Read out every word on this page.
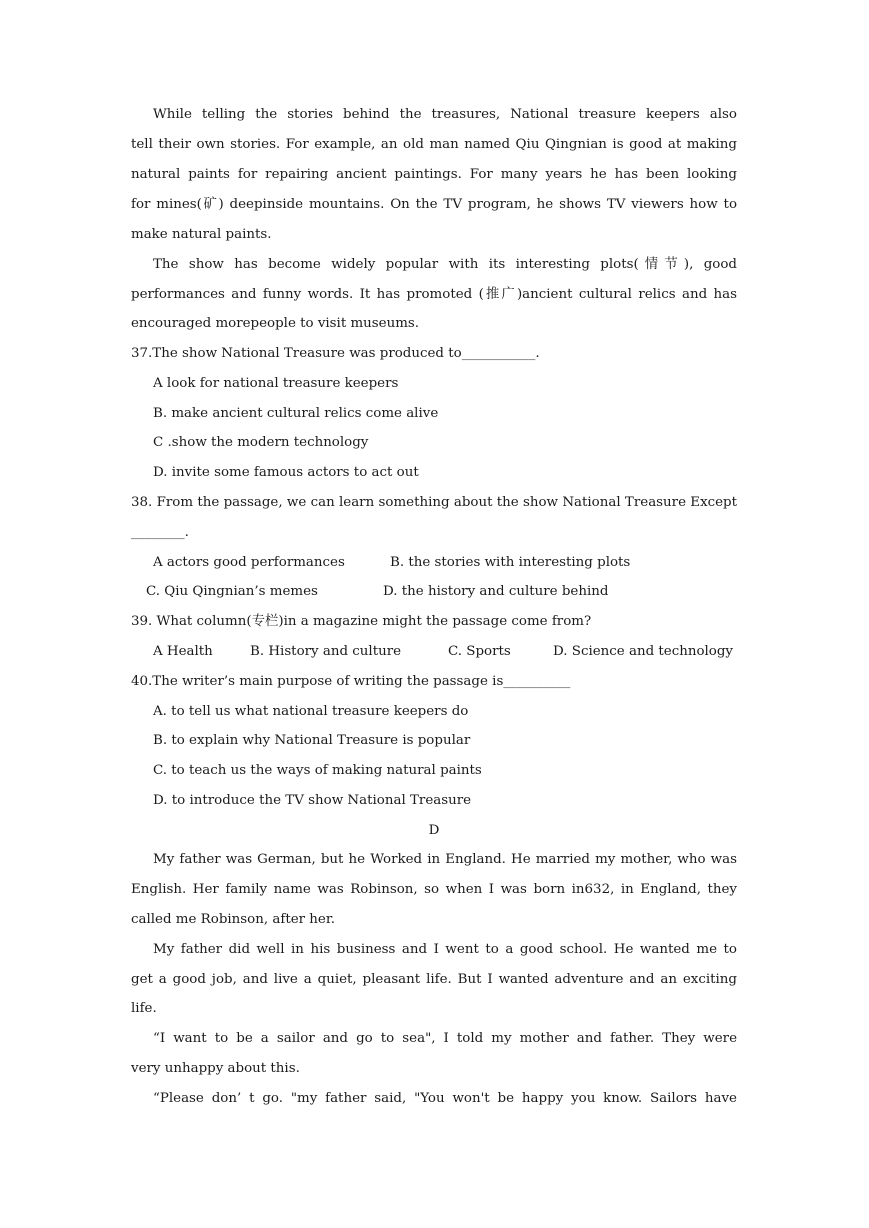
While telling the stories behind the treasures, National treasure keepers also
tell their own stories. For example, an old man named Qiu Qingnian is good at making
natural paints for repairing ancient paintings. For many years he has been looking
for mines(矿) deepinside mountains. On the TV program, he shows TV viewers how to
make natural paints.
The show has become widely popular with its interesting plots(情节), good
performances and funny words. It has promoted (推广)ancient cultural relics and has
encouraged morepeople to visit museums.
37.The show National Treasure was produced to___________.
A look for national treasure keepers
B. make ancient cultural relics come alive
C .show the modern technology
D. invite some famous actors to act out
38. From the passage, we can learn something about the show National Treasure Except
________.
A actors good performances	B. the stories with interesting plots
C. Qiu Qingnian’s memes	D. the history and culture behind
39. What column(专栏)in a magazine might the passage come from?
A Health	B. History and culture	C. Sports	D. Science and technology
40.The writer’s main purpose of writing the passage is__________
A. to tell us what national treasure keepers do
B. to explain why National Treasure is popular
C. to teach us the ways of making natural paints
D. to introduce the TV show National Treasure
D
My father was German, but he Worked in England. He married my mother, who was
English. Her family name was Robinson, so when I was born in632, in England, they
called me Robinson, after her.
My father did well in his business and I went to a good school. He wanted me to
get a good job, and live a quiet, pleasant life. But I wanted adventure and an exciting
life.
“I want to be a sailor and go to sea", I told my mother and father. They were
very unhappy about this.
“Please don’ t go. "my father said, "You won't be happy you know. Sailors have
